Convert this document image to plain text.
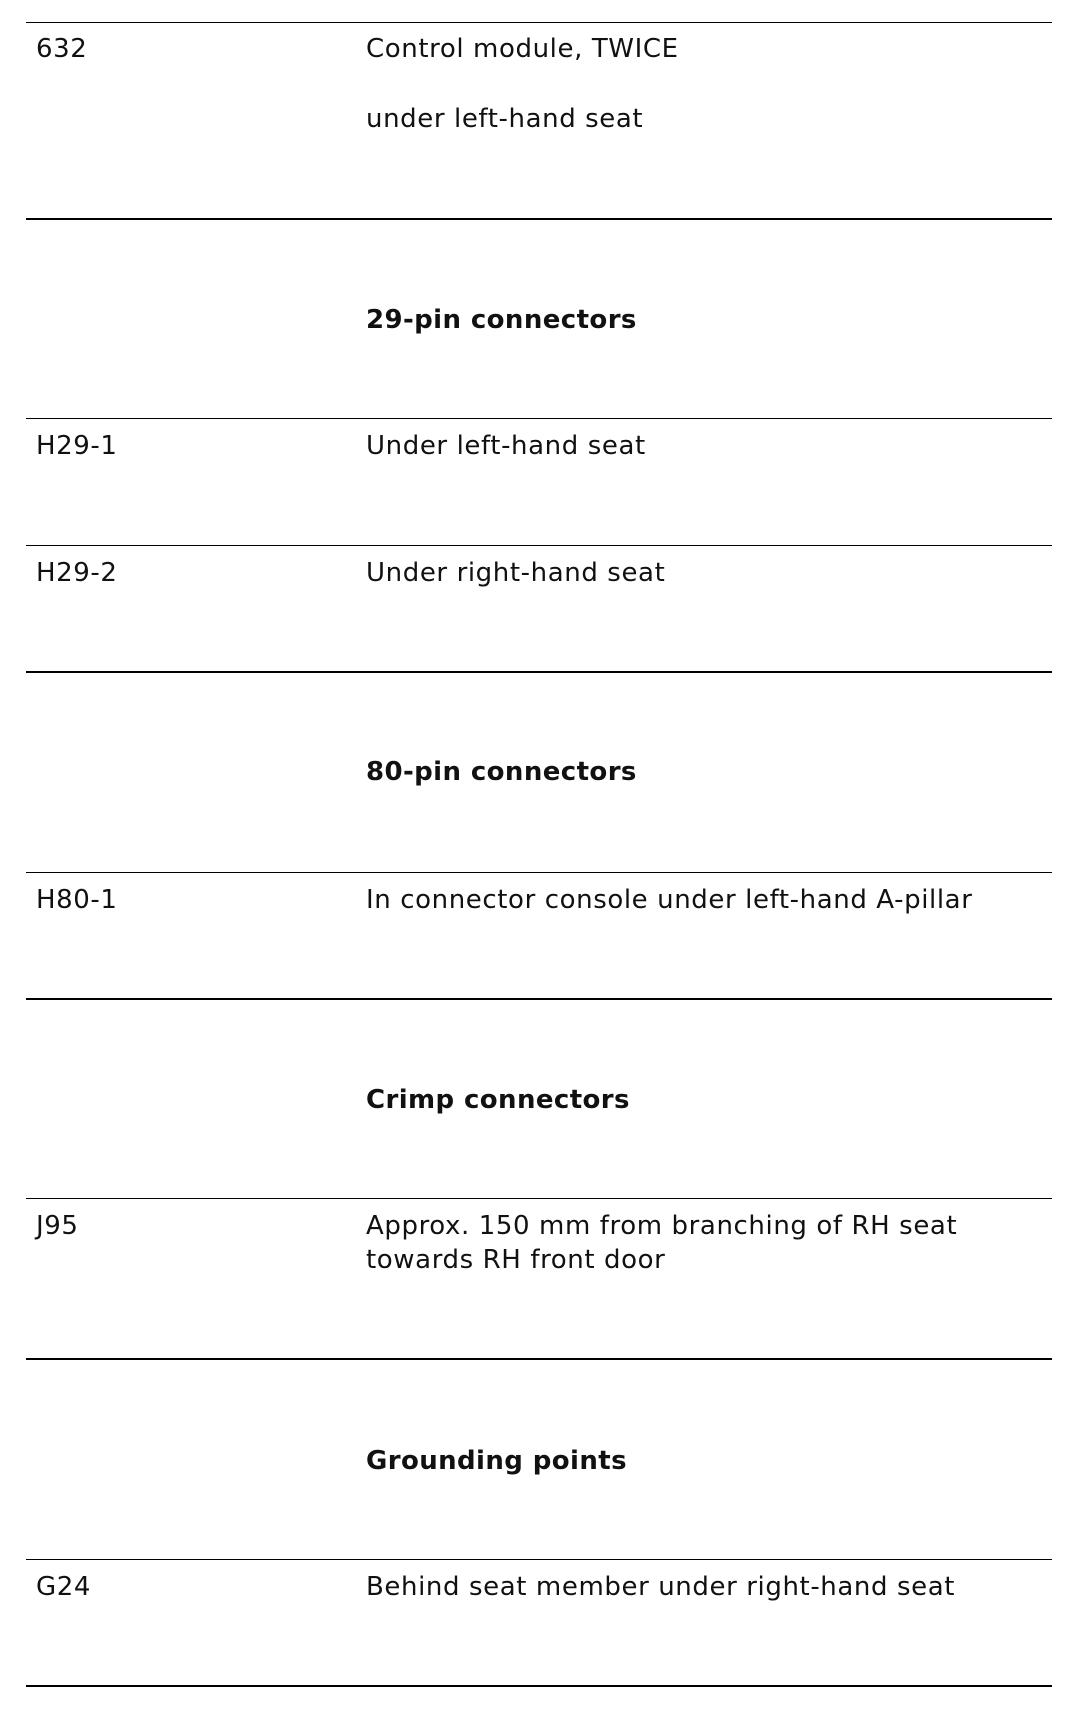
632	Control module, TWICE
under left-hand seat
29-pin connectors
H29-1	Under left-hand seat
H29-2	Under right-hand seat
80-pin connectors
H80-1	In connector console under left-hand A-pillar
Crimp connectors
J95	Approx. 150 mm from branching of RH seat
towards RH front door
Grounding points
G24	Behind seat member under right-hand seat
